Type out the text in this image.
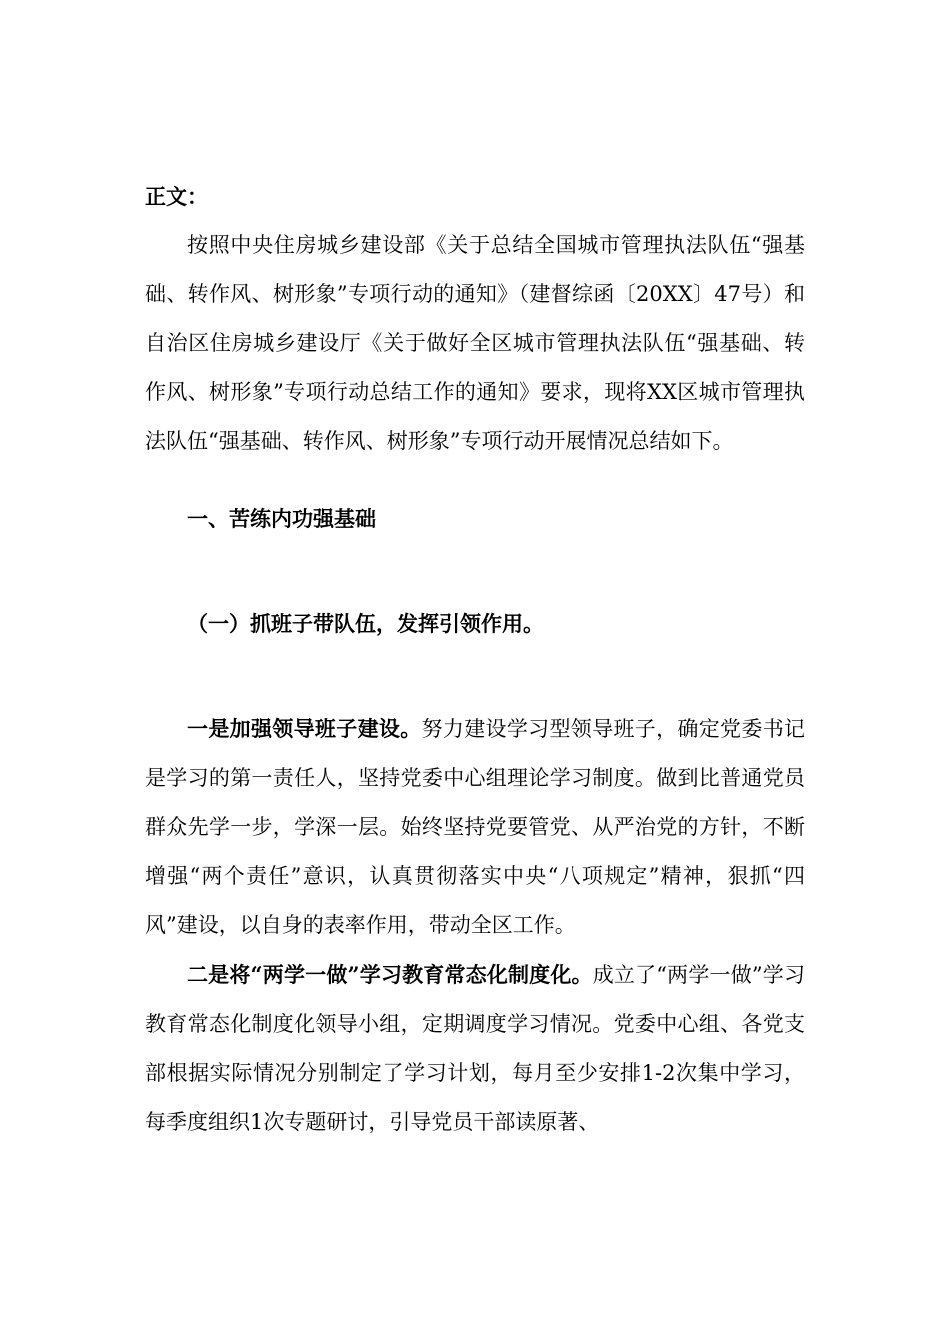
正文：

按照中央住房城乡建设部《关于总结全国城市管理执法队伍“强基础、转作风、树形象”专项行动的通知》（建督综函〔20XX〕47号）和自治区住房城乡建设厅《关于做好全区城市管理执法队伍“强基础、转作风、树形象”专项行动总结工作的通知》要求，现将XX区城市管理执法队伍“强基础、转作风、树形象”专项行动开展情况总结如下。

一、苦练内功强基础
（一）抓班子带队伍，发挥引领作用。

一是加强领导班子建设。努力建设学习型领导班子，确定党委书记是学习的第一责任人，坚持党委中心组理论学习制度。做到比普通党员群众先学一步，学深一层。始终坚持党要管党、从严治党的方针，不断增强“两个责任”意识，认真贯彻落实中央“八项规定”精神，狠抓“四风”建设，以自身的表率作用，带动全区工作。

二是将“两学一做”学习教育常态化制度化。成立了“两学一做”学习教育常态化制度化领导小组，定期调度学习情况。党委中心组、各党支部根据实际情况分别制定了学习计划，每月至少安排1-2次集中学习，每季度组织1次专题研讨，引导党员干部读原著、
